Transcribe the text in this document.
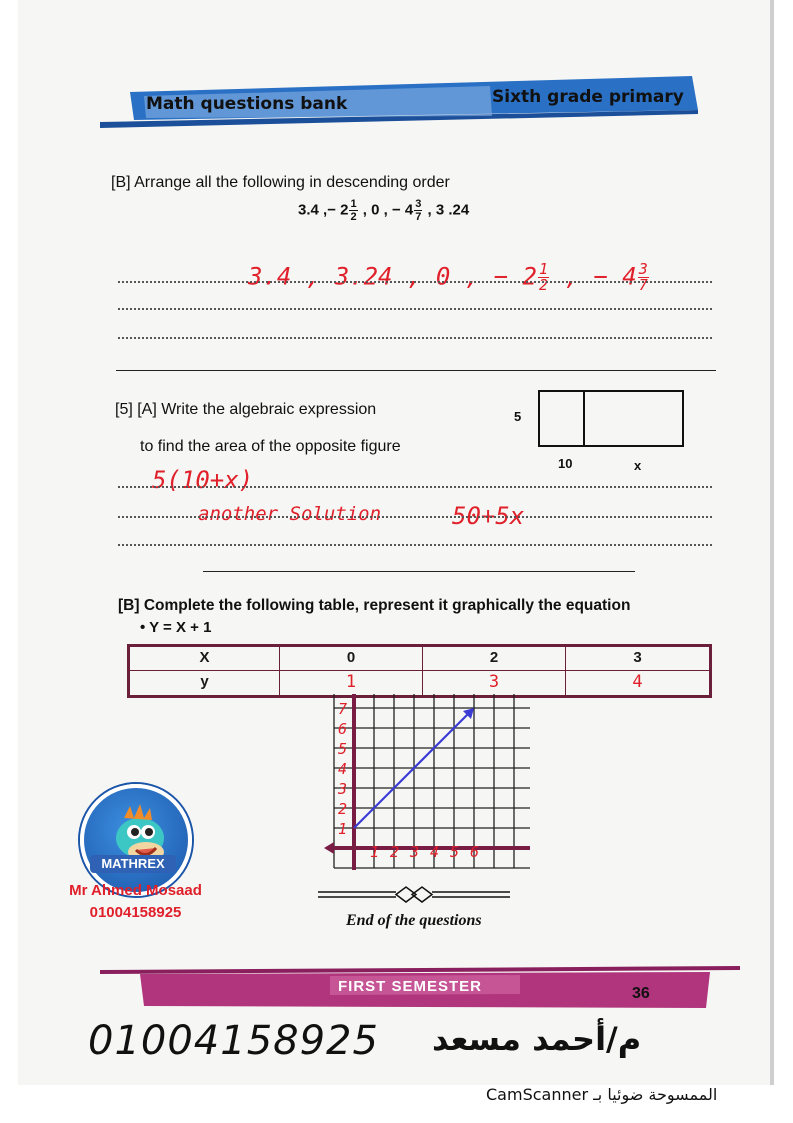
Math questions bank	Sixth grade primary
[B] Arrange all the following in descending order
3.4 ,− $2 \frac{1}{2}$ , 0 , − $4 \frac{3}{7}$ , 3 .24
3.4 , 3.24 , 0 , − $2 \frac{1}{2}$ , − $4 \frac{3}{7}$
[5] [A] Write the algebraic expression
to find the area of the opposite figure
5
10	x
5(10+x)
another Solution	50+5x
[B] Complete the following table, represent it graphically the equation
• Y = X + 1
X	0	2	3
y	1	3	4
1 2 3 4 5 6
1
2
3
4
5
6
7
MATHREX
Mr Ahmed Mosaad
01004158925	End of the questions
FIRST SEMESTER	36
01004158925 م/أحمد مسعد
CamScanner الممسوحة ضوئيا بـ
